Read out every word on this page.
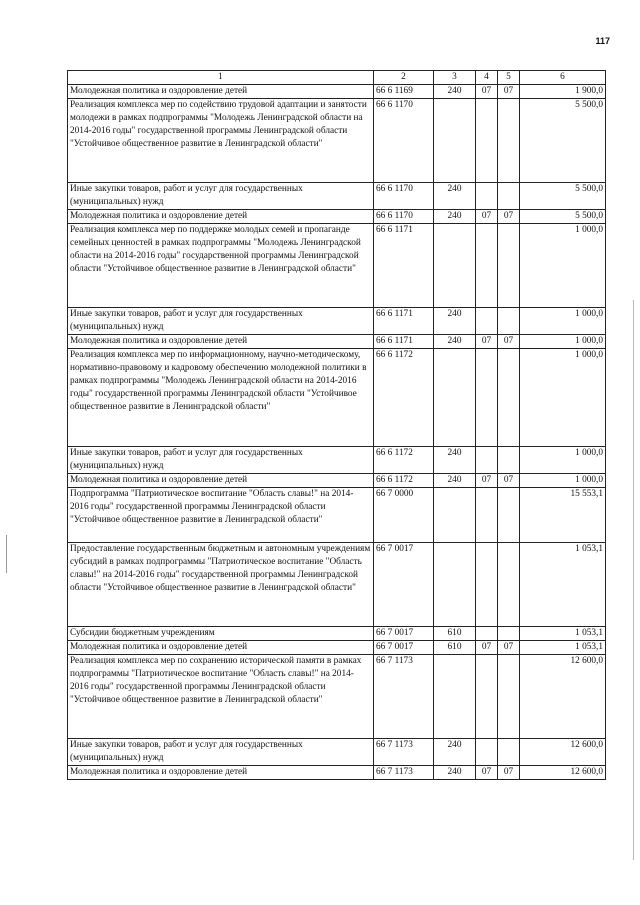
117
1	2	3	4	5	6
Молодежная политика и оздоровление детей	66 6 1169	240	07	07	1 900,0
Реализация комплекса мер по содействию трудовой адаптации и занятости молодежи в рамках подпрограммы "Молодежь Ленинградской области на 2014-2016 годы" государственной программы Ленинградской области "Устойчивое общественное развитие в Ленинградской области"	66 6 1170				5 500,0
Иные закупки товаров, работ и услуг для государственных (муниципальных) нужд	66 6 1170	240			5 500,0
Молодежная политика и оздоровление детей	66 6 1170	240	07	07	5 500,0
Реализация комплекса мер по поддержке молодых семей и пропаганде семейных ценностей в рамках подпрограммы "Молодежь Ленинградской области на 2014-2016 годы" государственной программы Ленинградской области "Устойчивое общественное развитие в Ленинградской области"	66 6 1171				1 000,0
Иные закупки товаров, работ и услуг для государственных (муниципальных) нужд	66 6 1171	240			1 000,0
Молодежная политика и оздоровление детей	66 6 1171	240	07	07	1 000,0
Реализация комплекса мер по информационному, научно-методическому, нормативно-правовому и кадровому обеспечению молодежной политики в рамках подпрограммы "Молодежь Ленинградской области на 2014-2016 годы" государственной программы Ленинградской области "Устойчивое общественное развитие в Ленинградской области"	66 6 1172				1 000,0
Иные закупки товаров, работ и услуг для государственных (муниципальных) нужд	66 6 1172	240			1 000,0
Молодежная политика и оздоровление детей	66 6 1172	240	07	07	1 000,0
Подпрограмма "Патриотическое воспитание "Область славы!" на 2014-2016 годы" государственной программы Ленинградской области "Устойчивое общественное развитие в Ленинградской области"	66 7 0000				15 553,1
Предоставление государственным бюджетным и автономным учреждениям субсидий в рамках подпрограммы "Патриотическое воспитание "Область славы!" на 2014-2016 годы" государственной программы Ленинградской области "Устойчивое общественное развитие в Ленинградской области"	66 7 0017				1 053,1
Субсидии бюджетным учреждениям	66 7 0017	610			1 053,1
Молодежная политика и оздоровление детей	66 7 0017	610	07	07	1 053,1
Реализация комплекса мер по сохранению исторической памяти в рамках подпрограммы "Патриотическое воспитание "Область славы!" на 2014-2016 годы" государственной программы Ленинградской области "Устойчивое общественное развитие в Ленинградской области"	66 7 1173				12 600,0
Иные закупки товаров, работ и услуг для государственных (муниципальных) нужд	66 7 1173	240			12 600,0
Молодежная политика и оздоровление детей	66 7 1173	240	07	07	12 600,0
